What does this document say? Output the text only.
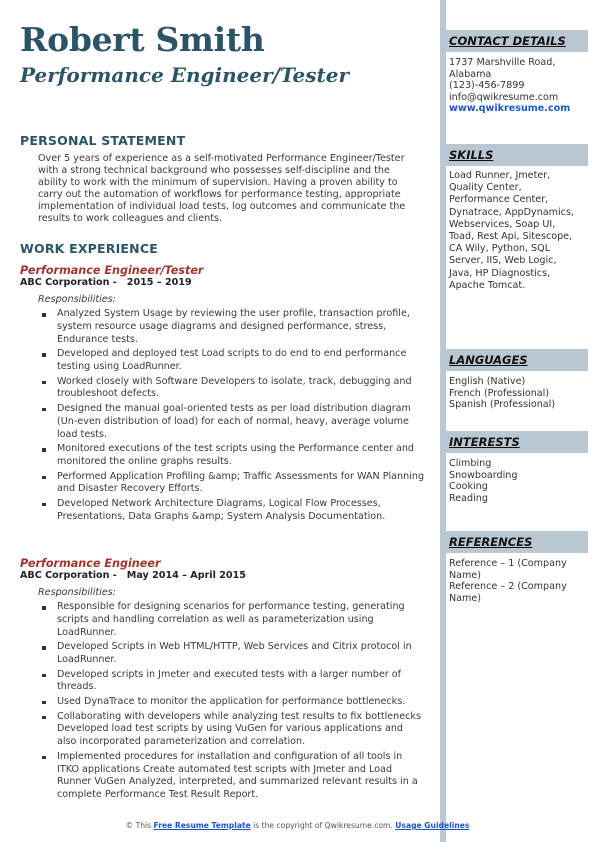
Robert Smith
Performance Engineer/Tester
PERSONAL STATEMENT
Over 5 years of experience as a self-motivated Performance Engineer/Tester with a strong technical background who possesses self-discipline and the ability to work with the minimum of supervision. Having a proven ability to carry out the automation of workflows for performance testing, appropriate implementation of individual load tests, log outcomes and communicate the results to work colleagues and clients.
WORK EXPERIENCE
Performance Engineer/Tester
ABC Corporation -   2015 – 2019
Responsibilities:
Analyzed System Usage by reviewing the user profile, transaction profile, system resource usage diagrams and designed performance, stress, Endurance tests.
Developed and deployed test Load scripts to do end to end performance testing using LoadRunner.
Worked closely with Software Developers to isolate, track, debugging and troubleshoot defects.
Designed the manual goal-oriented tests as per load distribution diagram (Un-even distribution of load) for each of normal, heavy, average volume load tests.
Monitored executions of the test scripts using the Performance center and monitored the online graphs results.
Performed Application Profiling &amp; Traffic Assessments for WAN Planning and Disaster Recovery Efforts.
Developed Network Architecture Diagrams, Logical Flow Processes, Presentations, Data Graphs &amp; System Analysis Documentation.
Performance Engineer
ABC Corporation -   May 2014 – April 2015
Responsibilities:
Responsible for designing scenarios for performance testing, generating scripts and handling correlation as well as parameterization using LoadRunner.
Developed Scripts in Web HTML/HTTP, Web Services and Citrix protocol in LoadRunner.
Developed scripts in Jmeter and executed tests with a larger number of threads.
Used DynaTrace to monitor the application for performance bottlenecks.
Collaborating with developers while analyzing test results to fix bottlenecks Developed load test scripts by using VuGen for various applications and also incorporated parameterization and correlation.
Implemented procedures for installation and configuration of all tools in ITKO applications Create automated test scripts with Jmeter and Load Runner VuGen Analyzed, interpreted, and summarized relevant results in a complete Performance Test Result Report.
CONTACT DETAILS
1737 Marshville Road,
Alabama
(123)-456-7899
info@qwikresume.com
www.qwikresume.com
SKILLS
Load Runner, Jmeter, Quality Center, Performance Center, Dynatrace, AppDynamics, Webservices, Soap UI, Toad, Rest Api, Sitescope, CA Wily, Python, SQL Server, IIS, Web Logic, Java, HP Diagnostics, Apache Tomcat.
LANGUAGES
English (Native)
French (Professional)
Spanish (Professional)
INTERESTS
Climbing
Snowboarding
Cooking
Reading
REFERENCES
Reference – 1 (Company Name)
Reference – 2 (Company Name)
© This Free Resume Template is the copyright of Qwikresume.com. Usage Guidelines
